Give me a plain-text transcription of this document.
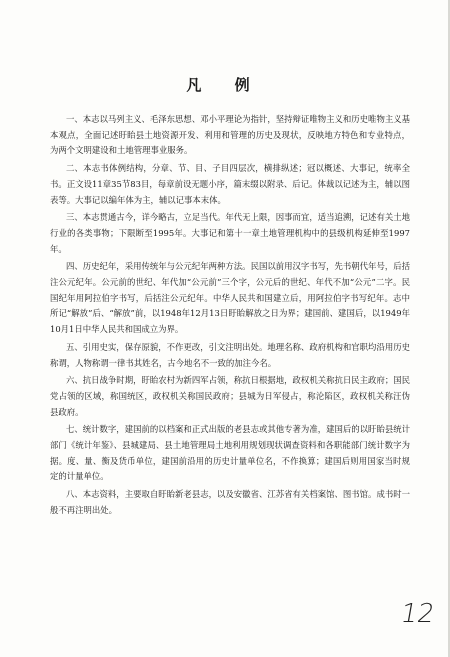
凡 例

一、本志以马列主义、毛泽东思想、邓小平理论为指针，坚持辩证唯物主义和历史唯物主义基本观点，全面记述盱眙县土地资源开发、利用和管理的历史及现状，反映地方特色和专业特点，为两个文明建设和土地管理事业服务。

二、本志书体例结构，分章、节、目、子目四层次，横排纵述；冠以概述、大事记，统率全书。正文设11章35节83目，每章前设无题小序，篇末缀以附录、后记。体裁以记述为主，辅以图表等。大事记以编年体为主，辅以记事本末体。

三、本志贯通古今，详今略古，立足当代。年代无上限，因事而宜，适当追溯，记述有关土地行业的各类事物；下限断至1995年。大事记和第十一章土地管理机构中的县级机构延伸至1997年。

四、历史纪年，采用传统年与公元纪年两种方法。民国以前用汉字书写，先书朝代年号，后括注公元纪年。公元前的世纪、年代加“公元前”三个字，公元后的世纪、年代不加“公元”二字。民国纪年用阿拉伯字书写，后括注公元纪年。中华人民共和国建立后，用阿拉伯字书写纪年。志中所记“解放”后、“解放”前，以1948年12月13日盱眙解放之日为界；建国前、建国后，以1949年10月1日中华人民共和国成立为界。

五、引用史实，保存原貌，不作更改，引文注明出处。地理名称、政府机构和官职均沿用历史称谓，人物称谓一律书其姓名，古今地名不一致的加注今名。

六、抗日战争时期，盱眙农村为新四军占领，称抗日根据地，政权机关称抗日民主政府；国民党占领的区域，称国统区，政权机关称国民政府；县城为日军侵占，称沦陷区，政权机关称汪伪县政府。

七、统计数字，建国前的以档案和正式出版的老县志或其他专著为准，建国后的以盱眙县统计部门《统计年鉴》、县城建局、县土地管理局土地利用规划现状调查资料和各职能部门统计数字为据。度、量、衡及货币单位，建国前沿用的历史计量单位名，不作换算；建国后则用国家当时规定的计量单位。

八、本志资料，主要取自盱眙新老县志，以及安徽省、江苏省有关档案馆、图书馆。成书时一般不再注明出处。

12
